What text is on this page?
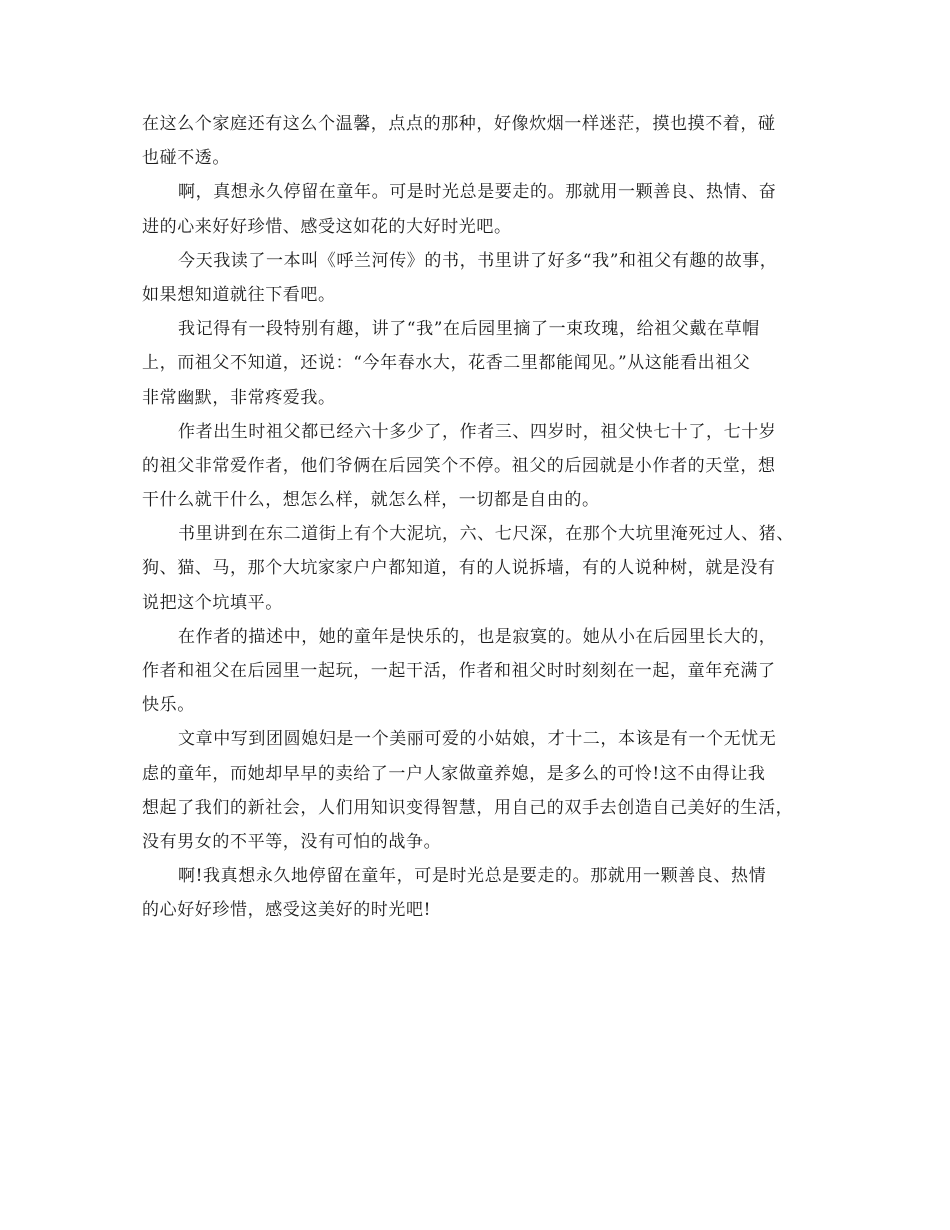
在这么个家庭还有这么个温馨，点点的那种，好像炊烟一样迷茫，摸也摸不着，碰
也碰不透。
啊，真想永久停留在童年。可是时光总是要走的。那就用一颗善良、热情、奋
进的心来好好珍惜、感受这如花的大好时光吧。
今天我读了一本叫《呼兰河传》的书，书里讲了好多“我”和祖父有趣的故事，
如果想知道就往下看吧。
我记得有一段特别有趣，讲了“我”在后园里摘了一束玫瑰，给祖父戴在草帽
上，而祖父不知道，还说：“今年春水大，花香二里都能闻见。”从这能看出祖父
非常幽默，非常疼爱我。
作者出生时祖父都已经六十多少了，作者三、四岁时，祖父快七十了，七十岁
的祖父非常爱作者，他们爷俩在后园笑个不停。祖父的后园就是小作者的天堂，想
干什么就干什么，想怎么样，就怎么样，一切都是自由的。
书里讲到在东二道街上有个大泥坑，六、七尺深，在那个大坑里淹死过人、猪、
狗、猫、马，那个大坑家家户户都知道，有的人说拆墙，有的人说种树，就是没有
说把这个坑填平。
在作者的描述中，她的童年是快乐的，也是寂寞的。她从小在后园里长大的，
作者和祖父在后园里一起玩，一起干活，作者和祖父时时刻刻在一起，童年充满了
快乐。
文章中写到团圆媳妇是一个美丽可爱的小姑娘，才十二，本该是有一个无忧无
虑的童年，而她却早早的卖给了一户人家做童养媳，是多么的可怜!这不由得让我
想起了我们的新社会，人们用知识变得智慧，用自己的双手去创造自己美好的生活，
没有男女的不平等，没有可怕的战争。
啊!我真想永久地停留在童年，可是时光总是要走的。那就用一颗善良、热情
的心好好珍惜，感受这美好的时光吧!
